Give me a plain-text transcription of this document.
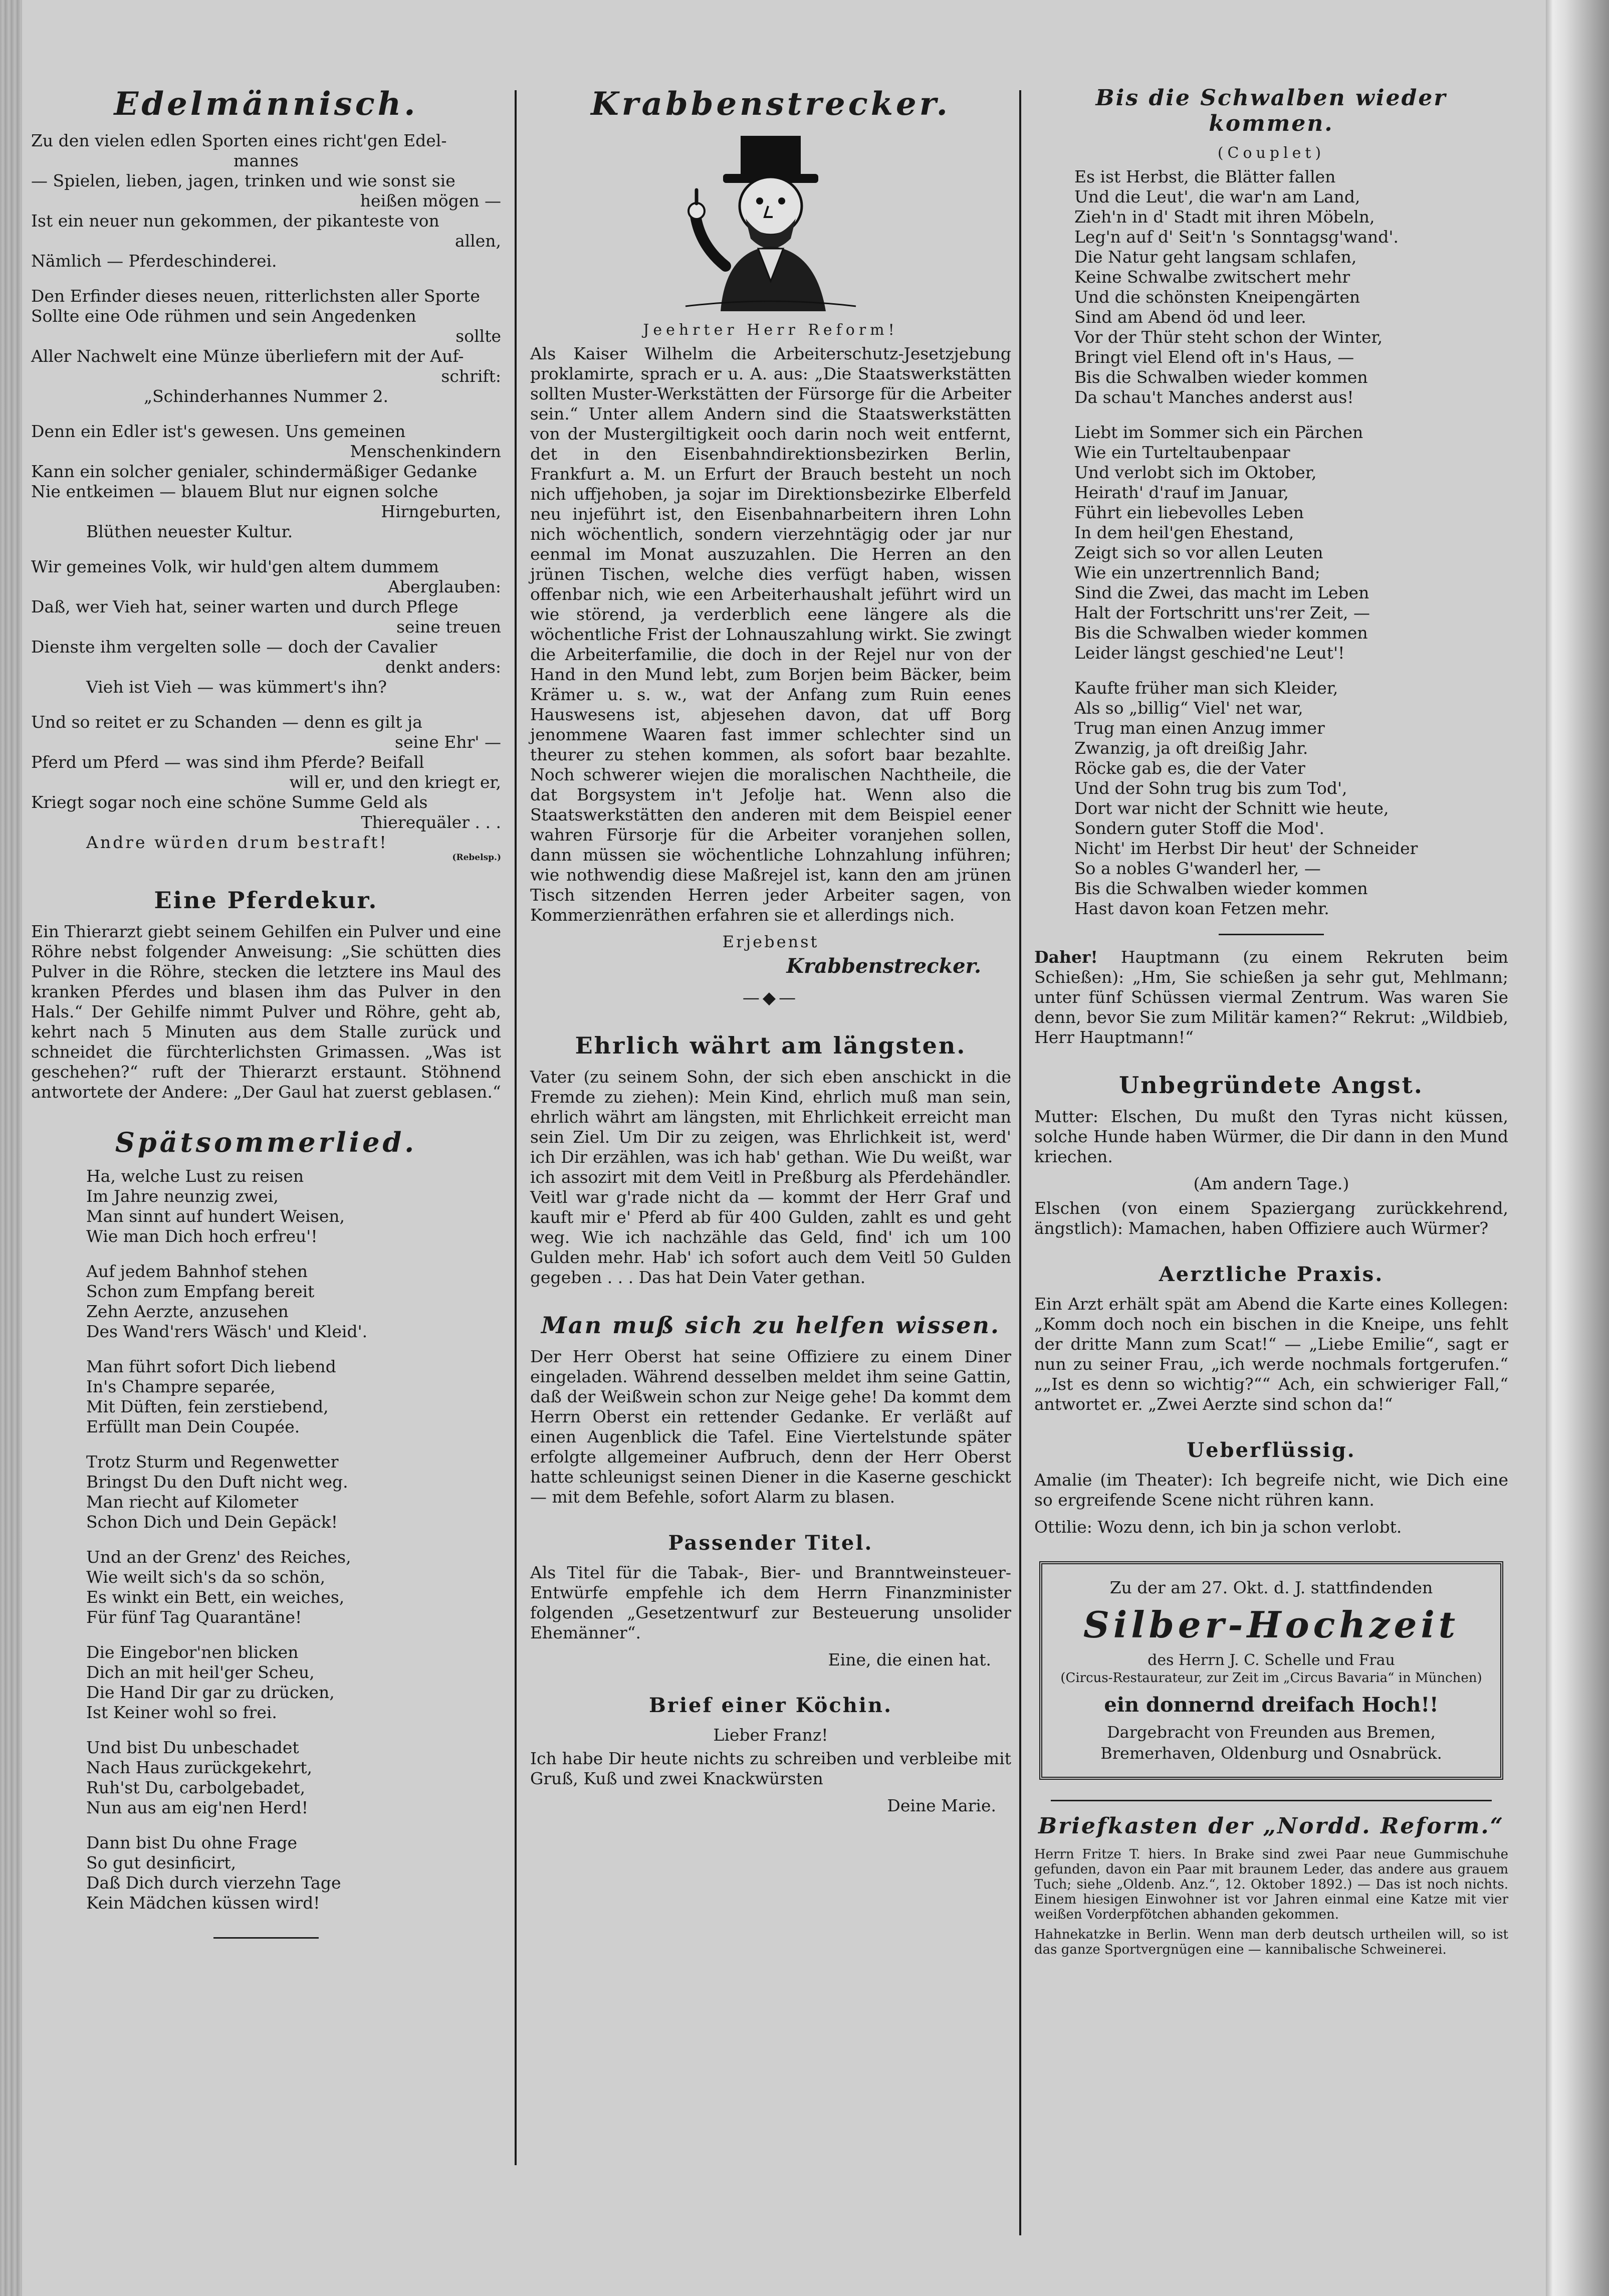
Edelmännisch.
Zu den vielen edlen Sporten eines richt'gen Edel-
mannes
— Spielen, lieben, jagen, trinken und wie sonst sie
heißen mögen —
Ist ein neuer nun gekommen, der pikanteste von
allen,
Nämlich — Pferdeschinderei.
Den Erfinder dieses neuen, ritterlichsten aller Sporte
Sollte eine Ode rühmen und sein Angedenken
sollte
Aller Nachwelt eine Münze überliefern mit der Auf-
schrift:
„Schinderhannes Nummer 2.
Denn ein Edler ist's gewesen. Uns gemeinen
Menschenkindern
Kann ein solcher genialer, schindermäßiger Gedanke
Nie entkeimen — blauem Blut nur eignen solche
Hirngeburten,
Blüthen neuester Kultur.
Wir gemeines Volk, wir huld'gen altem dummem
Aberglauben:
Daß, wer Vieh hat, seiner warten und durch Pflege
seine treuen
Dienste ihm vergelten solle — doch der Cavalier
denkt anders:
Vieh ist Vieh — was kümmert's ihn?
Und so reitet er zu Schanden — denn es gilt ja
seine Ehr' —
Pferd um Pferd — was sind ihm Pferde? Beifall
will er, und den kriegt er,
Kriegt sogar noch eine schöne Summe Geld als
Thierequäler . . .
Andre würden drum bestraft!
(Rebelsp.)
Eine Pferdekur.

Ein Thierarzt giebt seinem Gehilfen ein Pulver und eine Röhre nebst folgender Anweisung: „Sie schütten dies Pulver in die Röhre, stecken die letztere ins Maul des kranken Pferdes und blasen ihm das Pulver in den Hals.“ Der Gehilfe nimmt Pulver und Röhre, geht ab, kehrt nach 5 Minuten aus dem Stalle zurück und schneidet die fürchterlichsten Grimassen. „Was ist geschehen?“ ruft der Thierarzt erstaunt. Stöhnend antwortete der Andere: „Der Gaul hat zuerst geblasen.“

Spätsommerlied.
Ha, welche Lust zu reisen
Im Jahre neunzig zwei,
Man sinnt auf hundert Weisen,
Wie man Dich hoch erfreu'!
Auf jedem Bahnhof stehen
Schon zum Empfang bereit
Zehn Aerzte, anzusehen
Des Wand'rers Wäsch' und Kleid'.
Man führt sofort Dich liebend
In's Champre separée,
Mit Düften, fein zerstiebend,
Erfüllt man Dein Coupée.
Trotz Sturm und Regenwetter
Bringst Du den Duft nicht weg.
Man riecht auf Kilometer
Schon Dich und Dein Gepäck!
Und an der Grenz' des Reiches,
Wie weilt sich's da so schön,
Es winkt ein Bett, ein weiches,
Für fünf Tag Quarantäne!
Die Eingebor'nen blicken
Dich an mit heil'ger Scheu,
Die Hand Dir gar zu drücken,
Ist Keiner wohl so frei.
Und bist Du unbeschadet
Nach Haus zurückgekehrt,
Ruh'st Du, carbolgebadet,
Nun aus am eig'nen Herd!
Dann bist Du ohne Frage
So gut desinficirt,
Daß Dich durch vierzehn Tage
Kein Mädchen küssen wird!
Krabbenstrecker.
Jeehrter Herr Reform!

Als Kaiser Wilhelm die Arbeiterschutz-Jesetzjebung proklamirte, sprach er u. A. aus: „Die Staatswerkstätten sollten Muster-Werkstätten der Fürsorge für die Arbeiter sein.“ Unter allem Andern sind die Staatswerkstätten von der Mustergiltigkeit ooch darin noch weit entfernt, det in den Eisenbahndirektionsbezirken Berlin, Frankfurt a. M. un Erfurt der Brauch besteht un noch nich uffjehoben, ja sojar im Direktionsbezirke Elberfeld neu injeführt ist, den Eisenbahnarbeitern ihren Lohn nich wöchentlich, sondern vierzehntägig oder jar nur eenmal im Monat auszuzahlen. Die Herren an den jrünen Tischen, welche dies verfügt haben, wissen offenbar nich, wie een Arbeiterhaushalt jeführt wird un wie störend, ja verderblich eene längere als die wöchentliche Frist der Lohnauszahlung wirkt. Sie zwingt die Arbeiterfamilie, die doch in der Rejel nur von der Hand in den Mund lebt, zum Borjen beim Bäcker, beim Krämer u. s. w., wat der Anfang zum Ruin eenes Hauswesens ist, abjesehen davon, dat uff Borg jenommene Waaren fast immer schlechter sind un theurer zu stehen kommen, als sofort baar bezahlte. Noch schwerer wiejen die moralischen Nachtheile, die dat Borgsystem in't Jefolje hat. Wenn also die Staatswerkstätten den anderen mit dem Beispiel eener wahren Fürsorje für die Arbeiter voranjehen sollen, dann müssen sie wöchentliche Lohnzahlung inführen; wie nothwendig diese Maßrejel ist, kann den am jrünen Tisch sitzenden Herren jeder Arbeiter sagen, von Kommerzienräthen erfahren sie et allerdings nich.

Erjebenst
Krabbenstrecker.
—◆—
Ehrlich währt am längsten.

Vater (zu seinem Sohn, der sich eben anschickt in die Fremde zu ziehen): Mein Kind, ehrlich muß man sein, ehrlich währt am längsten, mit Ehrlichkeit erreicht man sein Ziel. Um Dir zu zeigen, was Ehrlichkeit ist, werd' ich Dir erzählen, was ich hab' gethan. Wie Du weißt, war ich assozirt mit dem Veitl in Preßburg als Pferdehändler. Veitl war g'rade nicht da — kommt der Herr Graf und kauft mir e' Pferd ab für 400 Gulden, zahlt es und geht weg. Wie ich nachzähle das Geld, find' ich um 100 Gulden mehr. Hab' ich sofort auch dem Veitl 50 Gulden gegeben . . . Das hat Dein Vater gethan.

Man muß sich zu helfen wissen.

Der Herr Oberst hat seine Offiziere zu einem Diner eingeladen. Während desselben meldet ihm seine Gattin, daß der Weißwein schon zur Neige gehe! Da kommt dem Herrn Oberst ein rettender Gedanke. Er verläßt auf einen Augenblick die Tafel. Eine Viertelstunde später erfolgte allgemeiner Aufbruch, denn der Herr Oberst hatte schleunigst seinen Diener in die Kaserne geschickt — mit dem Befehle, sofort Alarm zu blasen.

Passender Titel.

Als Titel für die Tabak-, Bier- und Branntweinsteuer-Entwürfe empfehle ich dem Herrn Finanzminister folgenden „Gesetzentwurf zur Besteuerung unsolider Ehemänner“.

Eine, die einen hat.
Brief einer Köchin.
Lieber Franz!

Ich habe Dir heute nichts zu schreiben und verbleibe mit Gruß, Kuß und zwei Knackwürsten

Deine Marie.
Bis die Schwalben wieder kommen.
(Couplet)
Es ist Herbst, die Blätter fallen
Und die Leut', die war'n am Land,
Zieh'n in d' Stadt mit ihren Möbeln,
Leg'n auf d' Seit'n 's Sonntagsg'wand'.
Die Natur geht langsam schlafen,
Keine Schwalbe zwitschert mehr
Und die schönsten Kneipengärten
Sind am Abend öd und leer.
Vor der Thür steht schon der Winter,
Bringt viel Elend oft in's Haus, —
Bis die Schwalben wieder kommen
Da schau't Manches anderst aus!
Liebt im Sommer sich ein Pärchen
Wie ein Turteltaubenpaar
Und verlobt sich im Oktober,
Heirath' d'rauf im Januar,
Führt ein liebevolles Leben
In dem heil'gen Ehestand,
Zeigt sich so vor allen Leuten
Wie ein unzertrennlich Band;
Sind die Zwei, das macht im Leben
Halt der Fortschritt uns'rer Zeit, —
Bis die Schwalben wieder kommen
Leider längst geschied'ne Leut'!
Kaufte früher man sich Kleider,
Als so „billig“ Viel' net war,
Trug man einen Anzug immer
Zwanzig, ja oft dreißig Jahr.
Röcke gab es, die der Vater
Und der Sohn trug bis zum Tod',
Dort war nicht der Schnitt wie heute,
Sondern guter Stoff die Mod'.
Nicht' im Herbst Dir heut' der Schneider
So a nobles G'wanderl her, —
Bis die Schwalben wieder kommen
Hast davon koan Fetzen mehr.

Daher! Hauptmann (zu einem Rekruten beim Schießen): „Hm, Sie schießen ja sehr gut, Mehlmann; unter fünf Schüssen viermal Zentrum. Was waren Sie denn, bevor Sie zum Militär kamen?“ Rekrut: „Wildbieb, Herr Hauptmann!“

Unbegründete Angst.

Mutter: Elschen, Du mußt den Tyras nicht küssen, solche Hunde haben Würmer, die Dir dann in den Mund kriechen.

(Am andern Tage.)

Elschen (von einem Spaziergang zurückkehrend, ängstlich): Mamachen, haben Offiziere auch Würmer?

Aerztliche Praxis.

Ein Arzt erhält spät am Abend die Karte eines Kollegen: „Komm doch noch ein bischen in die Kneipe, uns fehlt der dritte Mann zum Scat!“ — „Liebe Emilie“, sagt er nun zu seiner Frau, „ich werde nochmals fortgerufen.“ „„Ist es denn so wichtig?““ Ach, ein schwieriger Fall,“ antwortet er. „Zwei Aerzte sind schon da!“

Ueberflüssig.

Amalie (im Theater): Ich begreife nicht, wie Dich eine so ergreifende Scene nicht rühren kann.

Ottilie: Wozu denn, ich bin ja schon verlobt.

Zu der am 27. Okt. d. J. stattfindenden
Silber-Hochzeit
des Herrn J. C. Schelle und Frau
(Circus-Restaurateur, zur Zeit im „Circus Bavaria“ in München)
ein donnernd dreifach Hoch!!
Dargebracht von Freunden aus Bremen, Bremerhaven, Oldenburg und Osnabrück.
Briefkasten der „Nordd. Reform.“

Herrn Fritze T. hiers. In Brake sind zwei Paar neue Gummischuhe gefunden, davon ein Paar mit braunem Leder, das andere aus grauem Tuch; siehe „Oldenb. Anz.“, 12. Oktober 1892.) — Das ist noch nichts. Einem hiesigen Einwohner ist vor Jahren einmal eine Katze mit vier weißen Vorderpfötchen abhanden gekommen.

Hahnekatzke in Berlin. Wenn man derb deutsch urtheilen will, so ist das ganze Sportvergnügen eine — kannibalische Schweinerei.
